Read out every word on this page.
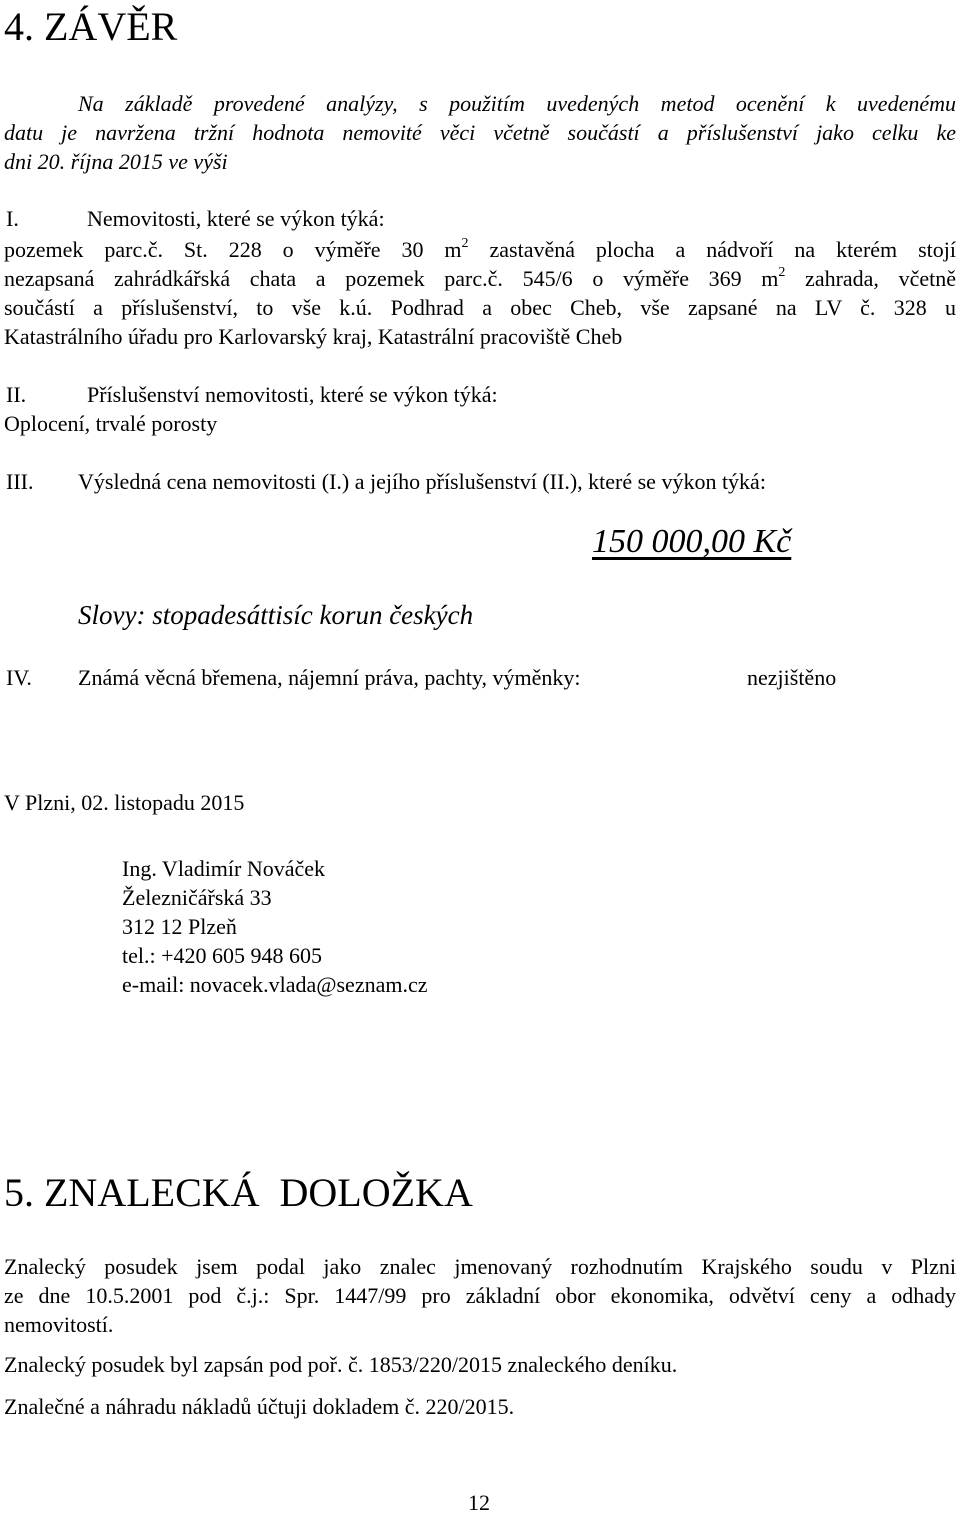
4. ZÁVĚR
Na základě provedené analýzy, s použitím uvedených metod ocenění k uvedenému
datu je navržena tržní hodnota nemovité věci včetně součástí a příslušenství jako celku ke
dni 20. října 2015 ve výši
I.	Nemovitosti, které se výkon týká:
pozemek parc.č. St. 228 o výměře 30 $m^2$ zastavěná plocha a nádvoří na kterém stojí
nezapsaná zahrádkářská chata a pozemek parc.č. 545/6 o výměře 369 $m^2$ zahrada, včetně
součástí a příslušenství, to vše k.ú. Podhrad a obec Cheb, vše zapsané na LV č. 328 u
Katastrálního úřadu pro Karlovarský kraj, Katastrální pracoviště Cheb
II.	Příslušenství nemovitosti, které se výkon týká:
Oplocení, trvalé porosty
III. Výsledná cena nemovitosti (I.) a jejího příslušenství (II.), které se výkon týká:
150 000,00 Kč
Slovy: stopadesáttisíc korun českých
IV. Známá věcná břemena, nájemní práva, pachty, výměnky:	nezjištěno
V Plzni, 02. listopadu 2015
Ing. Vladimír Nováček
Železničářská 33
312 12 Plzeň
tel.: +420 605 948 605
e-mail: novacek.vlada@seznam.cz
5. ZNALECKÁ  DOLOŽKA
Znalecký posudek jsem podal jako znalec jmenovaný rozhodnutím Krajského soudu v Plzni
ze dne 10.5.2001 pod č.j.: Spr. 1447/99 pro základní obor ekonomika, odvětví ceny a odhady
nemovitostí.
Znalecký posudek byl zapsán pod poř. č. 1853/220/2015 znaleckého deníku.
Znalečné a náhradu nákladů účtuji dokladem č. 220/2015.
12
